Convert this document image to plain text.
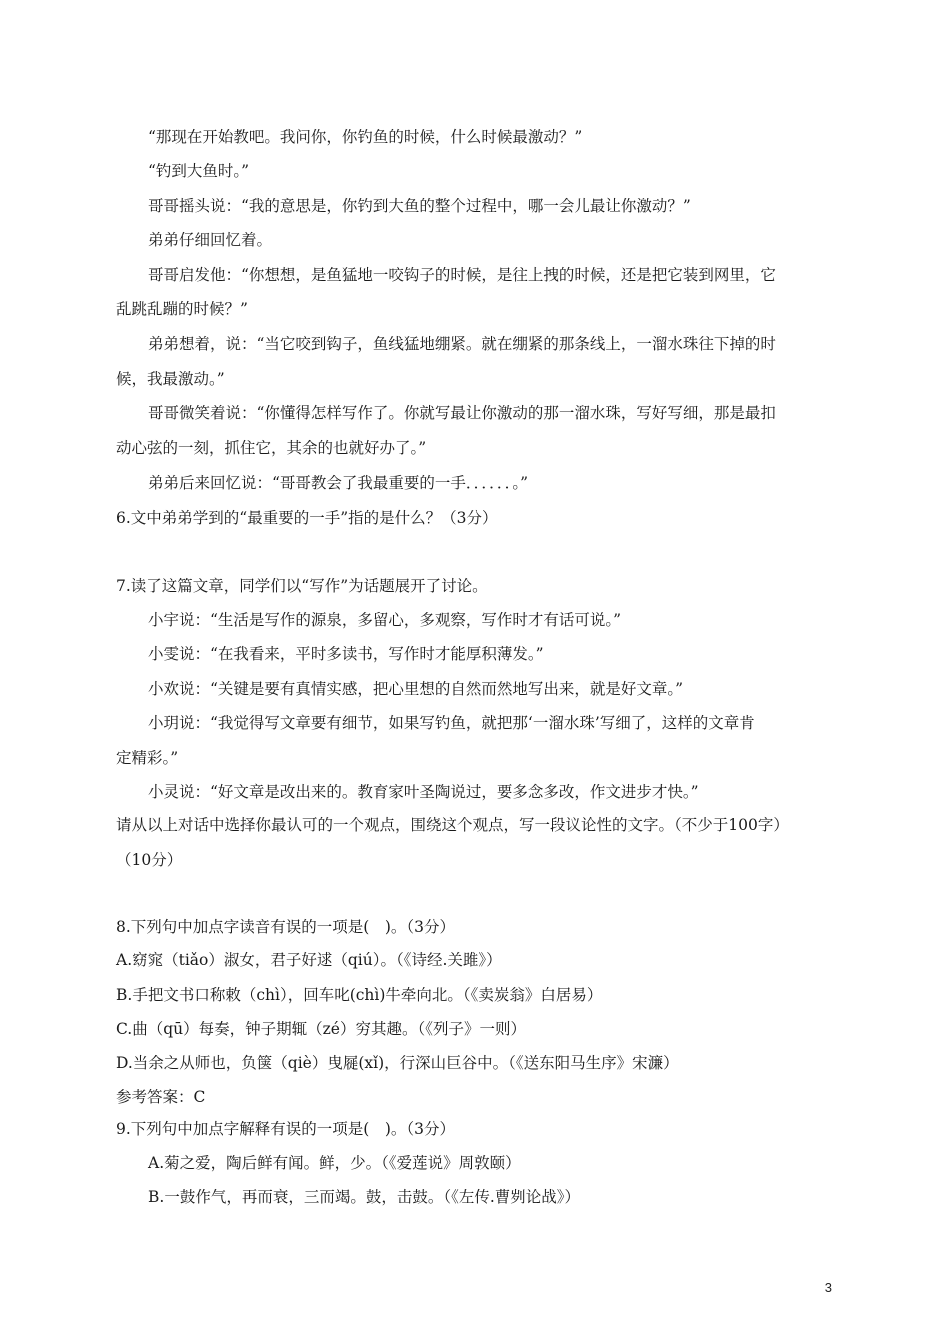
“那现在开始教吧。我问你，你钓鱼的时候，什么时候最激动？”
“钓到大鱼时。”
哥哥摇头说：“我的意思是，你钓到大鱼的整个过程中，哪一会儿最让你激动？”
弟弟仔细回忆着。
哥哥启发他：“你想想，是鱼猛地一咬钩子的时候，是往上拽的时候，还是把它装到网里，它
乱跳乱蹦的时候？”
弟弟想着，说：“当它咬到钩子，鱼线猛地绷紧。就在绷紧的那条线上，一溜水珠往下掉的时
候，我最激动。”
哥哥微笑着说：“你懂得怎样写作了。你就写最让你激动的那一溜水珠，写好写细，那是最扣
动心弦的一刻，抓住它，其余的也就好办了。”
弟弟后来回忆说：“哥哥教会了我最重要的一手．．．．．．。”
6.文中弟弟学到的“最重要的一手”指的是什么？（3分）
7.读了这篇文章，同学们以“写作”为话题展开了讨论。
小宇说：“生活是写作的源泉，多留心，多观察，写作时才有话可说。”
小雯说：“在我看来，平时多读书，写作时才能厚积薄发。”
小欢说：“关键是要有真情实感，把心里想的自然而然地写出来，就是好文章。”
小玥说：“我觉得写文章要有细节，如果写钓鱼，就把那‘一溜水珠’写细了，这样的文章肯
定精彩。”
小灵说：“好文章是改出来的。教育家叶圣陶说过，要多念多改，作文进步才快。”
请从以上对话中选择你最认可的一个观点，围绕这个观点，写一段议论性的文字。（不少于100字）
（10分）
8.下列句中加点字读音有误的一项是(　)。（3分）
A.窈窕（tiǎo）淑女，君子好逑（qiú）。（《诗经.关雎》）
B.手把文书口称敕（chì），回车叱(chì)牛牵向北。（《卖炭翁》白居易）
C.曲（qū）每奏，钟子期辄（zé）穷其趣。（《列子》一则）
D.当余之从师也，负箧（qiè）曳屣(xǐ)，行深山巨谷中。（《送东阳马生序》宋濂）
参考答案：C
9.下列句中加点字解释有误的一项是(　)。（3分）
A.菊之爱，陶后鲜有闻。鲜，少。（《爱莲说》周敦颐）
B.一鼓作气，再而衰，三而竭。鼓，击鼓。（《左传.曹刿论战》）
3
